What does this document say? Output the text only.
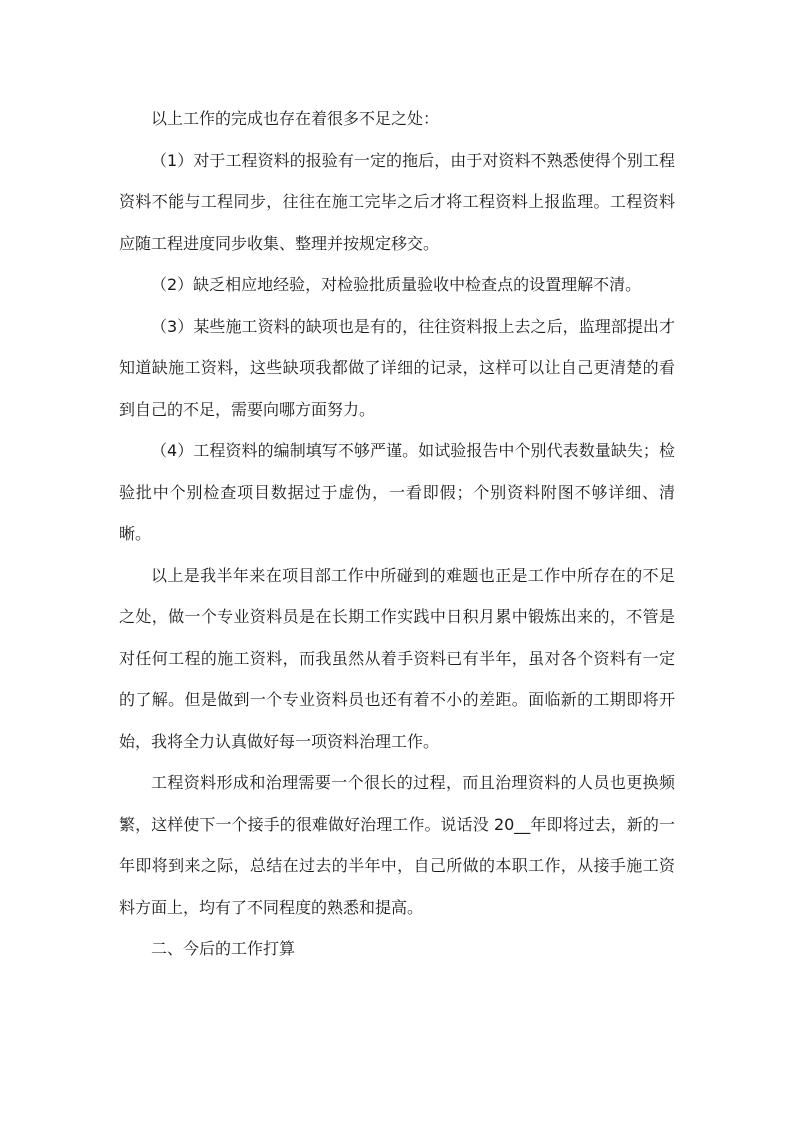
以上工作的完成也存在着很多不足之处：

（1）对于工程资料的报验有一定的拖后，由于对资料不熟悉使得个别工程资料不能与工程同步，往往在施工完毕之后才将工程资料上报监理。工程资料应随工程进度同步收集、整理并按规定移交。

（2）缺乏相应地经验，对检验批质量验收中检查点的设置理解不清。

（3）某些施工资料的缺项也是有的，往往资料报上去之后，监理部提出才知道缺施工资料，这些缺项我都做了详细的记录，这样可以让自己更清楚的看到自己的不足，需要向哪方面努力。

（4）工程资料的编制填写不够严谨。如试验报告中个别代表数量缺失；检验批中个别检查项目数据过于虚伪，一看即假；个别资料附图不够详细、清晰。

以上是我半年来在项目部工作中所碰到的难题也正是工作中所存在的不足之处，做一个专业资料员是在长期工作实践中日积月累中锻炼出来的，不管是对任何工程的施工资料，而我虽然从着手资料已有半年，虽对各个资料有一定的了解。但是做到一个专业资料员也还有着不小的差距。面临新的工期即将开始，我将全力认真做好每一项资料治理工作。

工程资料形成和治理需要一个很长的过程，而且治理资料的人员也更换频繁，这样使下一个接手的很难做好治理工作。说话没 20__年即将过去，新的一年即将到来之际，总结在过去的半年中，自己所做的本职工作，从接手施工资料方面上，均有了不同程度的熟悉和提高。

二、今后的工作打算
